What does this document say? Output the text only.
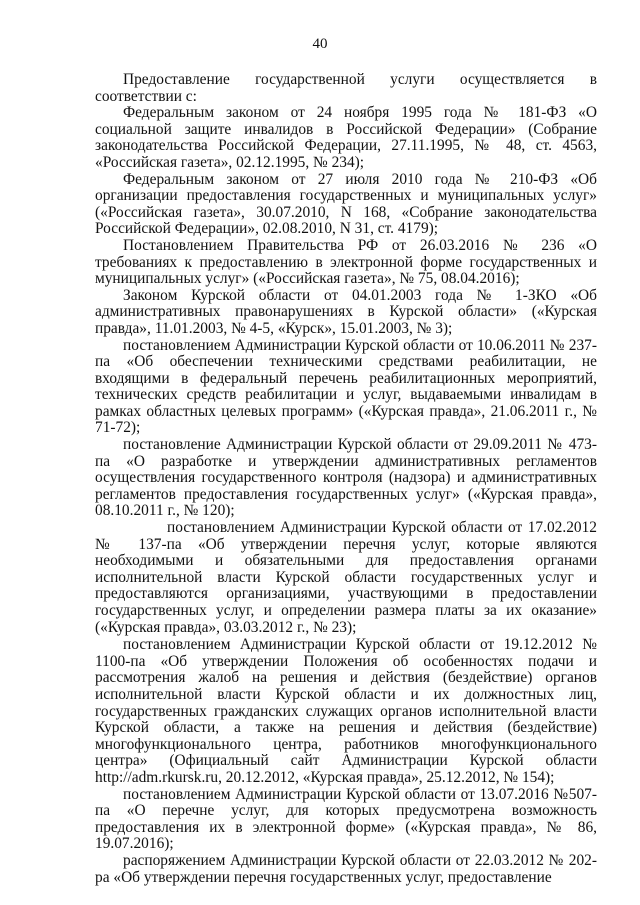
40

Предоставление государственной услуги осуществляется в соответствии с:

Федеральным законом от 24 ноября 1995 года № 181-ФЗ «О социальной защите инвалидов в Российской Федерации» (Собрание законодательства Российской Федерации, 27.11.1995, № 48, ст. 4563, «Российская газета», 02.12.1995, № 234);

Федеральным законом от 27 июля 2010 года № 210-ФЗ «Об организации предоставления государственных и муниципальных услуг» («Российская газета», 30.07.2010, N 168, «Собрание законодательства Российской Федерации», 02.08.2010, N 31, ст. 4179);

Постановлением Правительства РФ от 26.03.2016 № 236 «О требованиях к предоставлению в электронной форме государственных и муниципальных услуг» («Российская газета», № 75, 08.04.2016);

Законом Курской области от 04.01.2003 года № 1-ЗКО «Об административных правонарушениях в Курской области» («Курская правда», 11.01.2003, № 4-5, «Курск», 15.01.2003, № 3);

постановлением Администрации Курской области от 10.06.2011 № 237-па «Об обеспечении техническими средствами реабилитации, не входящими в федеральный перечень реабилитационных мероприятий, технических средств реабилитации и услуг, выдаваемыми инвалидам в рамках областных целевых программ» («Курская правда», 21.06.2011 г., № 71-72);

постановление Администрации Курской области от 29.09.2011 № 473-па «О разработке и утверждении административных регламентов осуществления государственного контроля (надзора) и административных регламентов предоставления государственных услуг» («Курская правда», 08.10.2011 г., № 120);

постановлением Администрации Курской области от 17.02.2012 № 137-па «Об утверждении перечня услуг, которые являются необходимыми и обязательными для предоставления органами исполнительной власти Курской области государственных услуг и предоставляются организациями, участвующими в предоставлении государственных услуг, и определении размера платы за их оказание» («Курская правда», 03.03.2012 г., № 23);

постановлением Администрации Курской области от 19.12.2012 № 1100-па «Об утверждении Положения об особенностях подачи и рассмотрения жалоб на решения и действия (бездействие) органов исполнительной власти Курской области и их должностных лиц, государственных гражданских служащих органов исполнительной власти Курской области, а также на решения и действия (бездействие) многофункционального центра, работников многофункционального центра» (Официальный сайт Администрации Курской области http://adm.rkursk.ru, 20.12.2012, «Курская правда», 25.12.2012, № 154);

постановлением Администрации Курской области от 13.07.2016 №507-па «О перечне услуг, для которых предусмотрена возможность предоставления их в электронной форме» («Курская правда», № 86, 19.07.2016);

распоряжением Администрации Курской области от 22.03.2012 № 202-ра «Об утверждении перечня государственных услуг, предоставление
